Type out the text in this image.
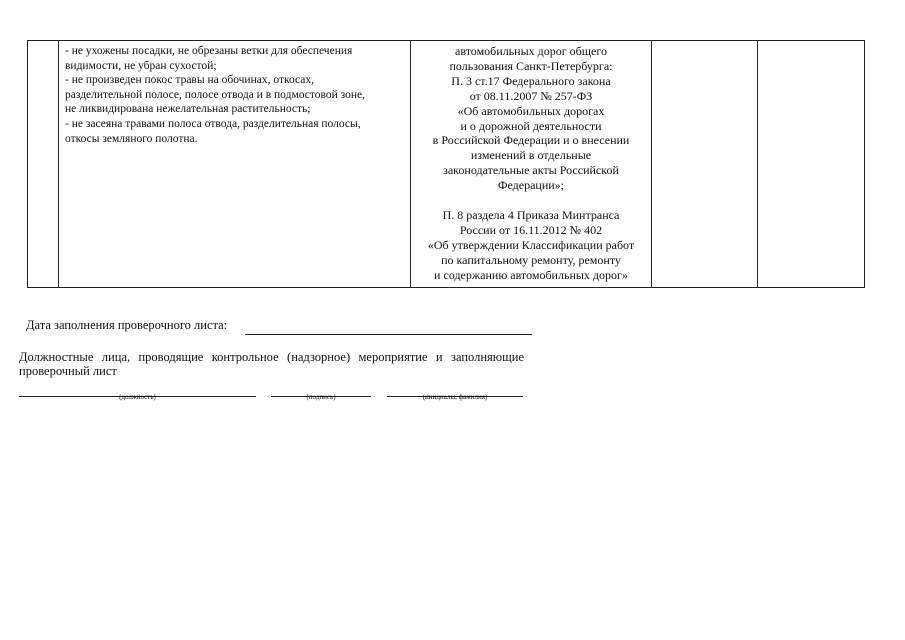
- не ухожены посадки, не обрезаны ветки для обеспечения
видимости, не убран сухостой;
- не произведен покос травы на обочинах, откосах,
разделительной полосе, полосе отвода и в подмостовой зоне,
не ликвидирована нежелательная растительность;
- не засеяна травами полоса отвода, разделительная полосы,
откосы земляного полотна.
автомобильных дорог общего
пользования Санкт-Петербурга:
П. 3 ст.17 Федерального закона
от 08.11.2007 № 257-ФЗ
«Об автомобильных дорогах
и о дорожной деятельности
в Российской Федерации и о внесении
изменений в отдельные
законодательные акты Российской
Федерации»;
П. 8 раздела 4 Приказа Минтранса
России от 16.11.2012 № 402
«Об утверждении Классификации работ
по капитальному ремонту, ремонту
и содержанию автомобильных дорог»
Дата заполнения проверочного листа:
Должностные лица, проводящие контрольное (надзорное) мероприятие и заполняющие проверочный лист
(должность)	(подпись)	(инициалы, фамилия)
